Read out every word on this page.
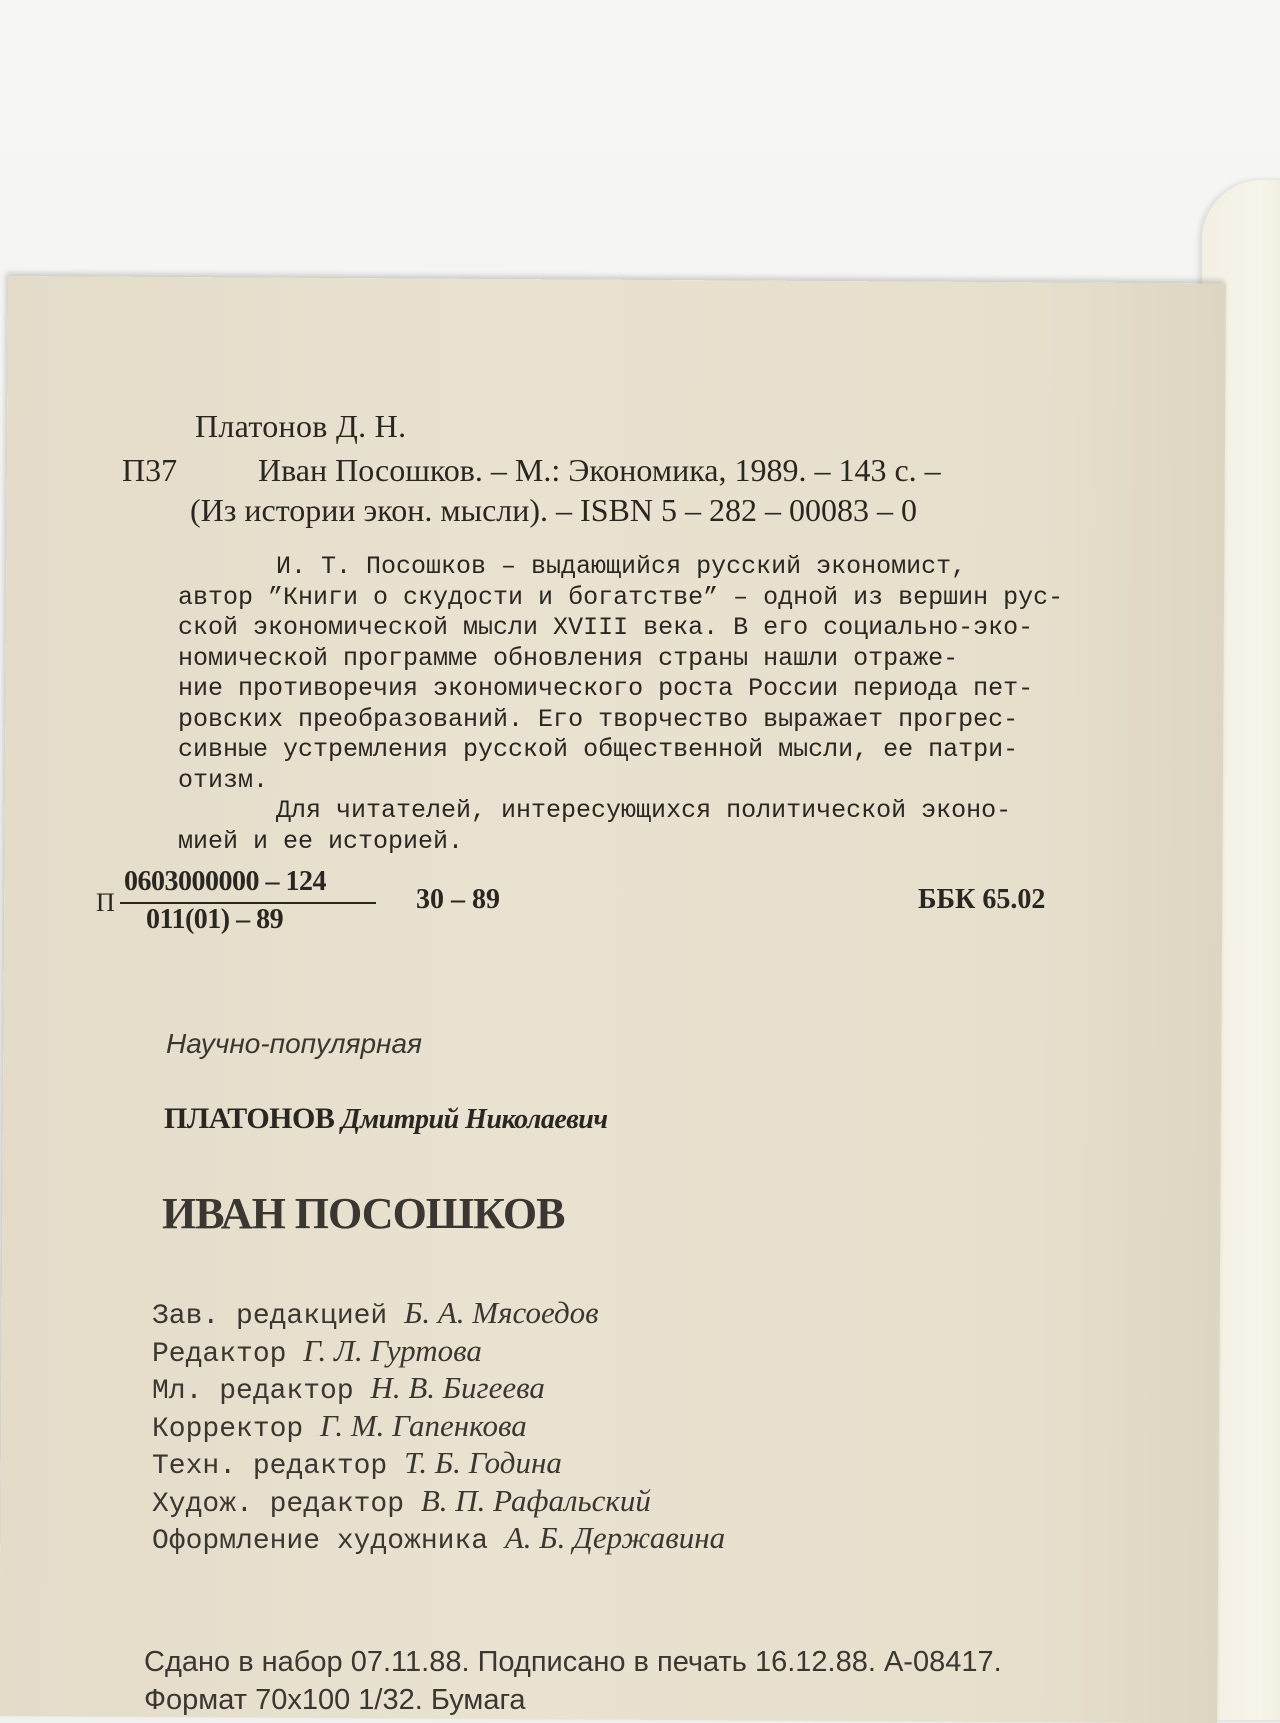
Платонов Д. Н.
П37	Иван Посошков. – М.: Экономика, 1989. – 143 с. –
(Из истории экон. мысли). – ISBN 5 – 282 – 00083 – 0
И. Т. Посошков – выдающийся русский экономист,
автор ”Книги о скудости и богатстве” – одной из вершин рус-
ской экономической мысли XVIII века. В его социально-эко-
номической программе обновления страны нашли отраже-
ние противоречия экономического роста России периода пет-
ровских преобразований. Его творчество выражает прогрес-
сивные устремления русской общественной мысли, ее патри-
отизм.
Для читателей, интересующихся политической эконо-
мией и ее историей.
П
0603000000 – 124
011(01) – 89
30 – 89	ББК 65.02
Научно-популярная
ПЛАТОНОВ Дмитрий Николаевич
ИВАН ПОСОШКОВ
Зав. редакцией Б. А. Мясоедов
Редактор Г. Л. Гуртова
Мл. редактор Н. В. Бигеева
Корректор Г. М. Гапенкова
Техн. редактор Т. Б. Година
Худож. редактор В. П. Рафальский
Оформление художника А. Б. Державина
Сдано в набор 07.11.88. Подписано в печать 16.12.88. А-08417.
Формат 70х100 1/32. Бумага
